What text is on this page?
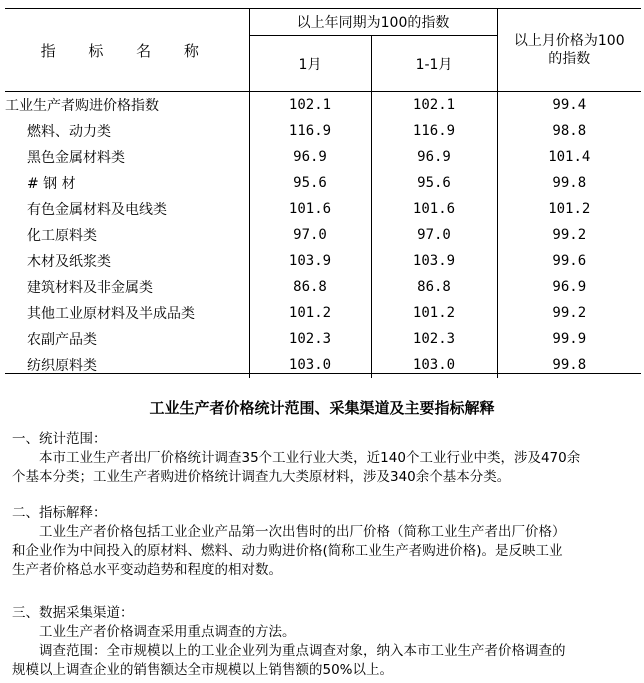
指 标 名 称	以上年同期为100的指数		以上月价格为100
的指数
	1月	1-1月	
工业生产者购进价格指数	102.1	102.1	99.4
燃料、动力类	116.9	116.9	98.8
黑色金属材料类	96.9	96.9	101.4
# 钢 材	95.6	95.6	99.8
有色金属材料及电线类	101.6	101.6	101.2
化工原料类	97.0	97.0	99.2
木材及纸浆类	103.9	103.9	99.6
建筑材料及非金属类	86.8	86.8	96.9
其他工业原材料及半成品类	101.2	101.2	99.2
农副产品类	102.3	102.3	99.9
纺织原料类	103.0	103.0	99.8
工业生产者价格统计范围、采集渠道及主要指标解释
一、统计范围：
本市工业生产者出厂价格统计调查35个工业行业大类，近140个工业行业中类，涉及470余
个基本分类；工业生产者购进价格统计调查九大类原材料，涉及340余个基本分类。
二、指标解释：
工业生产者价格包括工业企业产品第一次出售时的出厂价格（简称工业生产者出厂价格）
和企业作为中间投入的原材料、燃料、动力购进价格(简称工业生产者购进价格)。是反映工业
生产者价格总水平变动趋势和程度的相对数。
三、数据采集渠道：
工业生产者价格调查采用重点调查的方法。
调查范围：全市规模以上的工业企业列为重点调查对象，纳入本市工业生产者价格调查的
规模以上调查企业的销售额达全市规模以上销售额的50%以上。
